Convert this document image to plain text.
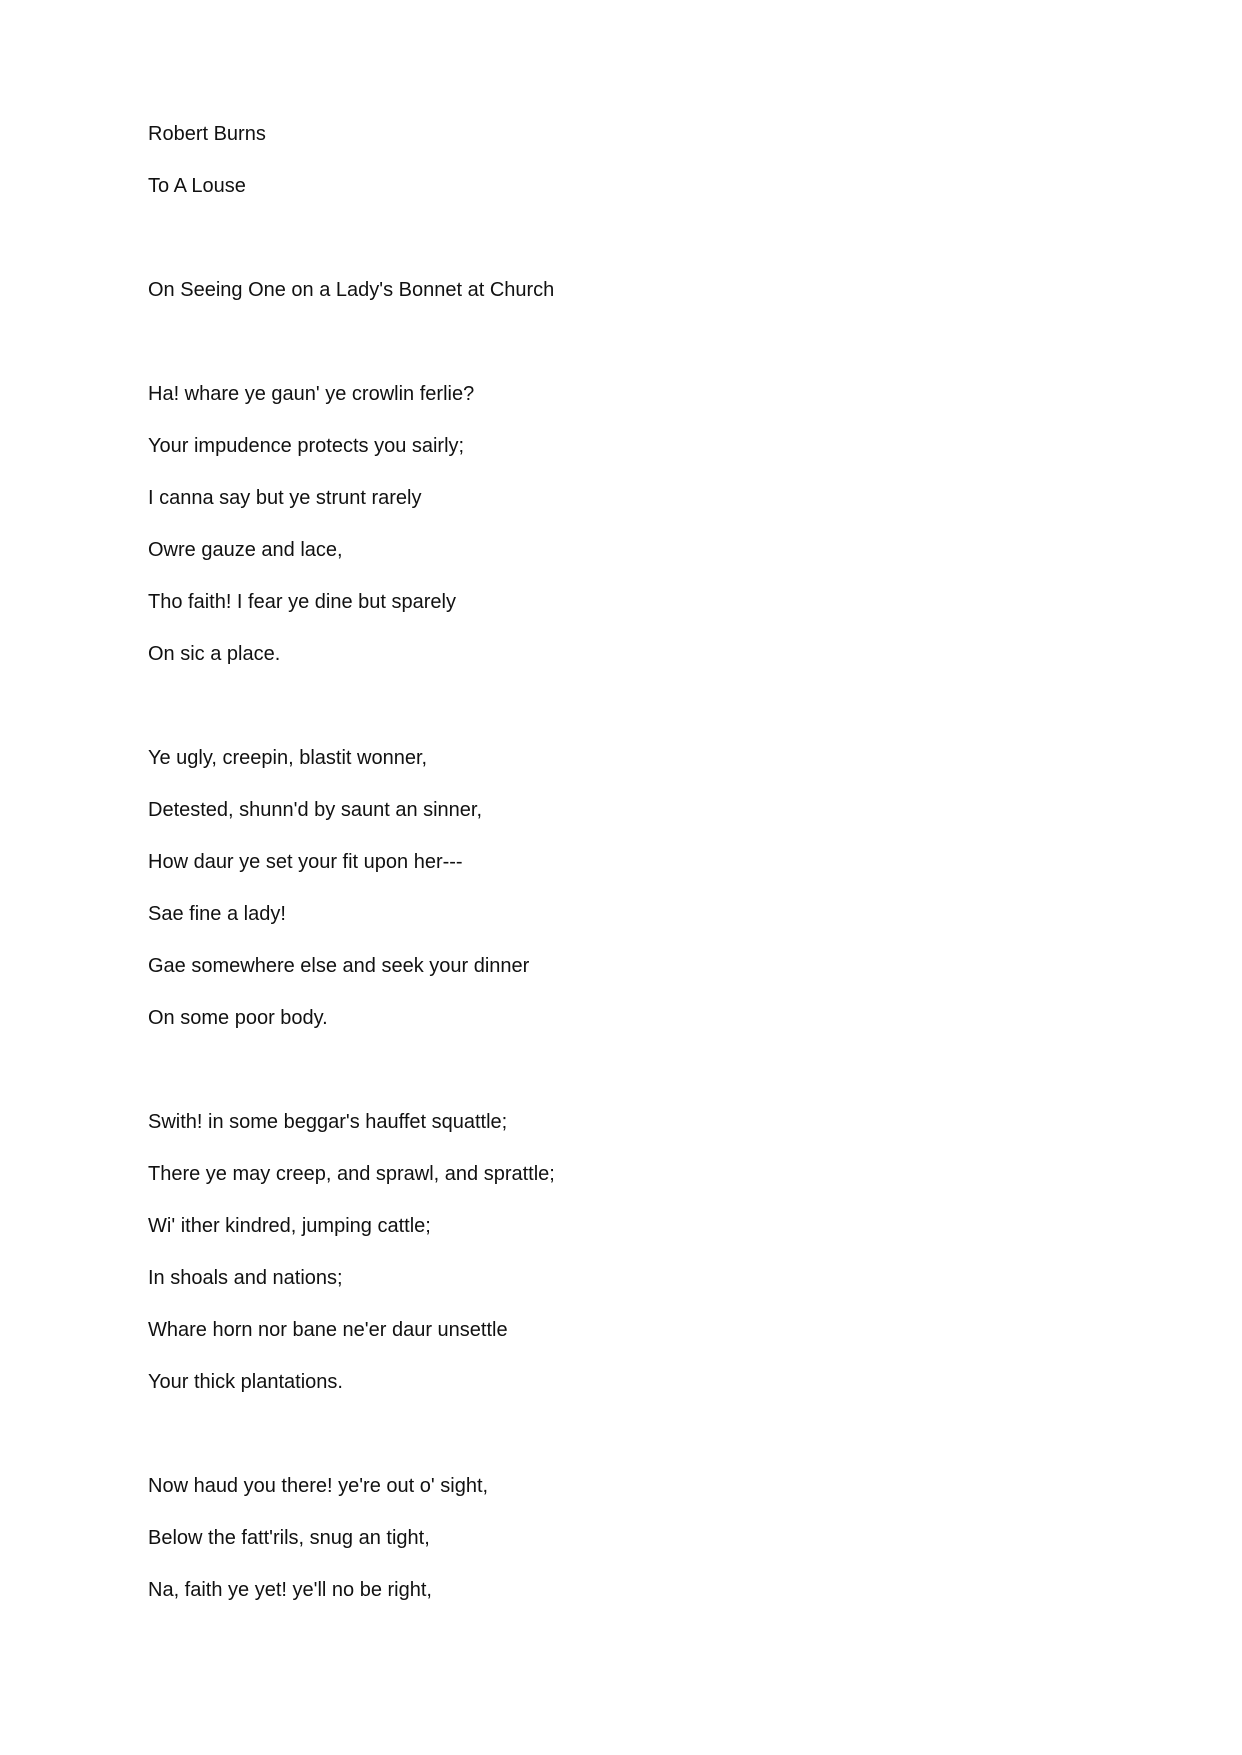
Robert Burns
To A Louse
On Seeing One on a Lady's Bonnet at Church
Ha! whare ye gaun' ye crowlin ferlie?
Your impudence protects you sairly;
I canna say but ye strunt rarely
Owre gauze and lace,
Tho faith! I fear ye dine but sparely
On sic a place.
Ye ugly, creepin, blastit wonner,
Detested, shunn'd by saunt an sinner,
How daur ye set your fit upon her---
Sae fine a lady!
Gae somewhere else and seek your dinner
On some poor body.
Swith! in some beggar's hauffet squattle;
There ye may creep, and sprawl, and sprattle;
Wi' ither kindred, jumping cattle;
In shoals and nations;
Whare horn nor bane ne'er daur unsettle
Your thick plantations.
Now haud you there! ye're out o' sight,
Below the fatt'rils, snug an tight,
Na, faith ye yet! ye'll no be right,
